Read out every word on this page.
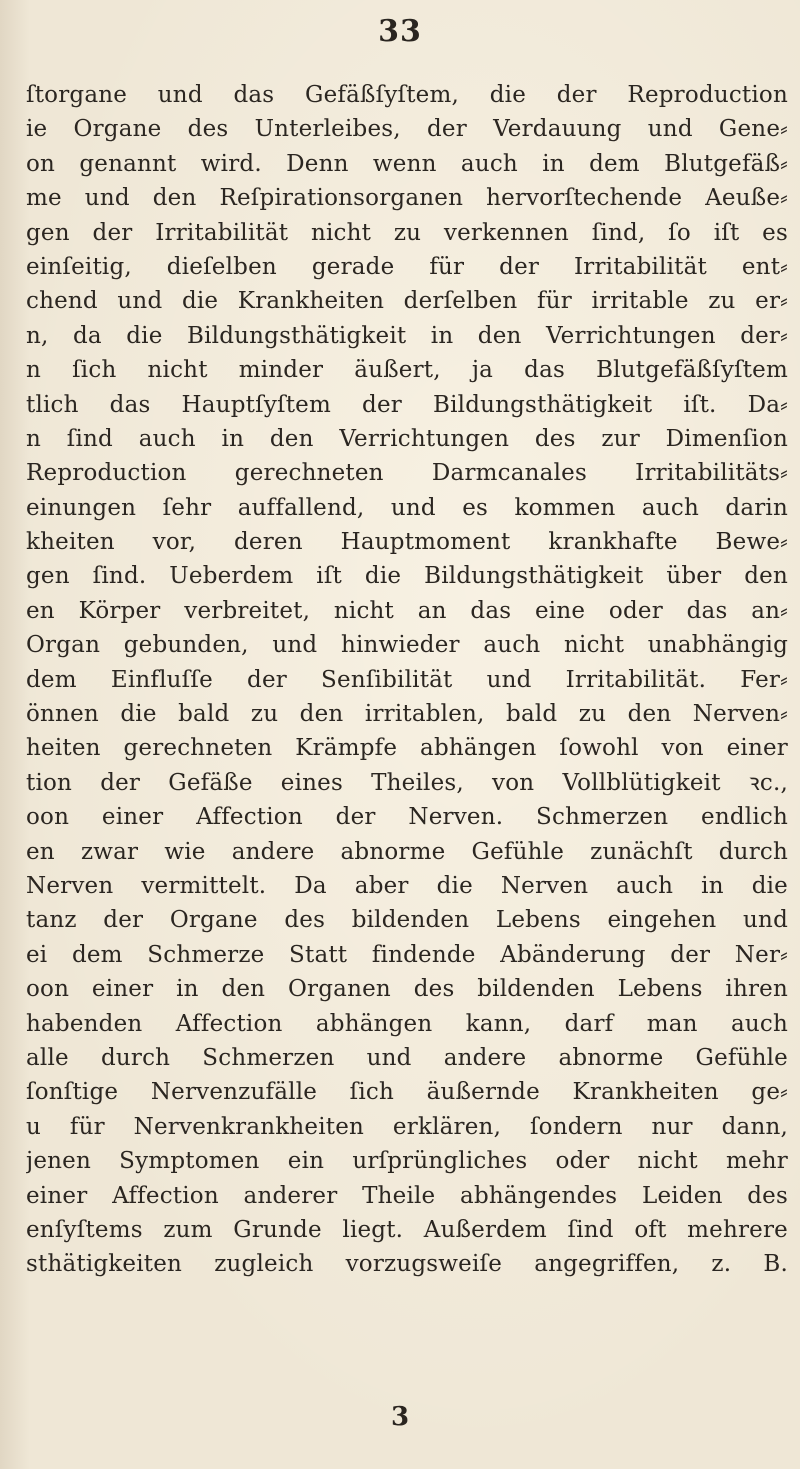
33
ſtorgane und das Gefäßſyſtem, die der Reproduction
ie Organe des Unterleibes, der Verdauung und Gene⸗
on genannt wird. Denn wenn auch in dem Blutgefäß⸗
me und den Reſpirationsorganen hervorſtechende Aeuße⸗
gen der Irritabilität nicht zu verkennen ſind, ſo iſt es
einſeitig, dieſelben gerade für der Irritabilität ent⸗
chend und die Krankheiten derſelben für irritable zu er⸗
n, da die Bildungsthätigkeit in den Verrichtungen der⸗
n ſich nicht minder äußert, ja das Blutgefäßſyſtem
tlich das Hauptſyſtem der Bildungsthätigkeit iſt. Da⸗
n ſind auch in den Verrichtungen des zur Dimenſion
Reproduction gerechneten Darmcanales Irritabilitäts⸗
einungen ſehr auffallend, und es kommen auch darin
kheiten vor, deren Hauptmoment krankhafte Bewe⸗
gen ſind. Ueberdem iſt die Bildungsthätigkeit über den
en Körper verbreitet, nicht an das eine oder das an⸗
Organ gebunden, und hinwieder auch nicht unabhängig
dem Einfluſſe der Senſibilität und Irritabilität. Fer⸗
önnen die bald zu den irritablen, bald zu den Nerven⸗
heiten gerechneten Krämpfe abhängen ſowohl von einer
tion der Gefäße eines Theiles, von Vollblütigkeit ꝛc.,
oon einer Affection der Nerven. Schmerzen endlich
en zwar wie andere abnorme Gefühle zunächſt durch
Nerven vermittelt. Da aber die Nerven auch in die
tanz der Organe des bildenden Lebens eingehen und
ei dem Schmerze Statt findende Abänderung der Ner⸗
oon einer in den Organen des bildenden Lebens ihren
habenden Affection abhängen kann, darf man auch
alle durch Schmerzen und andere abnorme Gefühle
ſonſtige Nervenzufälle ſich äußernde Krankheiten ge⸗
u für Nervenkrankheiten erklären, ſondern nur dann,
jenen Symptomen ein urſprüngliches oder nicht mehr
einer Affection anderer Theile abhängendes Leiden des
enſyſtems zum Grunde liegt. Außerdem ſind oft mehrere
sthätigkeiten zugleich vorzugsweiſe angegriffen, z. B.
3
